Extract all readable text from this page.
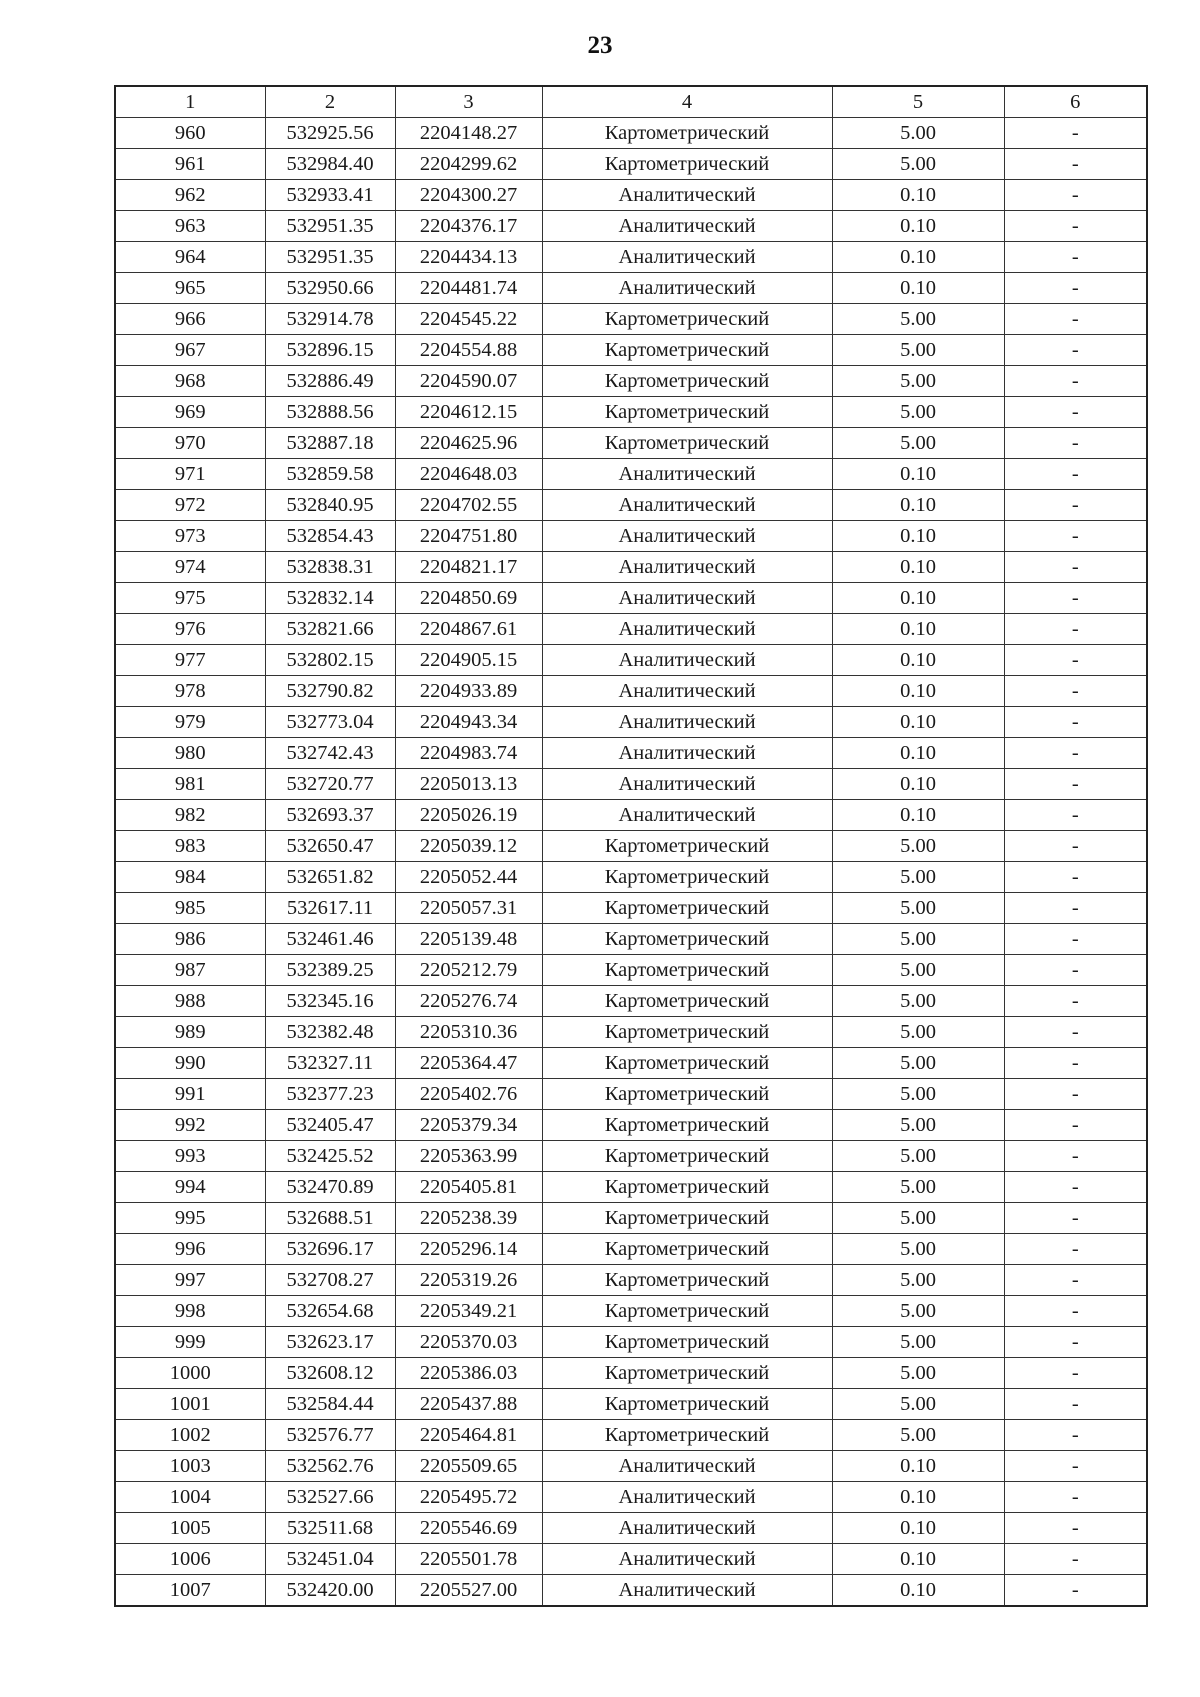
23
1	2	3	4	5	6
960	532925.56	2204148.27	Картометрический	5.00	-
961	532984.40	2204299.62	Картометрический	5.00	-
962	532933.41	2204300.27	Аналитический	0.10	-
963	532951.35	2204376.17	Аналитический	0.10	-
964	532951.35	2204434.13	Аналитический	0.10	-
965	532950.66	2204481.74	Аналитический	0.10	-
966	532914.78	2204545.22	Картометрический	5.00	-
967	532896.15	2204554.88	Картометрический	5.00	-
968	532886.49	2204590.07	Картометрический	5.00	-
969	532888.56	2204612.15	Картометрический	5.00	-
970	532887.18	2204625.96	Картометрический	5.00	-
971	532859.58	2204648.03	Аналитический	0.10	-
972	532840.95	2204702.55	Аналитический	0.10	-
973	532854.43	2204751.80	Аналитический	0.10	-
974	532838.31	2204821.17	Аналитический	0.10	-
975	532832.14	2204850.69	Аналитический	0.10	-
976	532821.66	2204867.61	Аналитический	0.10	-
977	532802.15	2204905.15	Аналитический	0.10	-
978	532790.82	2204933.89	Аналитический	0.10	-
979	532773.04	2204943.34	Аналитический	0.10	-
980	532742.43	2204983.74	Аналитический	0.10	-
981	532720.77	2205013.13	Аналитический	0.10	-
982	532693.37	2205026.19	Аналитический	0.10	-
983	532650.47	2205039.12	Картометрический	5.00	-
984	532651.82	2205052.44	Картометрический	5.00	-
985	532617.11	2205057.31	Картометрический	5.00	-
986	532461.46	2205139.48	Картометрический	5.00	-
987	532389.25	2205212.79	Картометрический	5.00	-
988	532345.16	2205276.74	Картометрический	5.00	-
989	532382.48	2205310.36	Картометрический	5.00	-
990	532327.11	2205364.47	Картометрический	5.00	-
991	532377.23	2205402.76	Картометрический	5.00	-
992	532405.47	2205379.34	Картометрический	5.00	-
993	532425.52	2205363.99	Картометрический	5.00	-
994	532470.89	2205405.81	Картометрический	5.00	-
995	532688.51	2205238.39	Картометрический	5.00	-
996	532696.17	2205296.14	Картометрический	5.00	-
997	532708.27	2205319.26	Картометрический	5.00	-
998	532654.68	2205349.21	Картометрический	5.00	-
999	532623.17	2205370.03	Картометрический	5.00	-
1000	532608.12	2205386.03	Картометрический	5.00	-
1001	532584.44	2205437.88	Картометрический	5.00	-
1002	532576.77	2205464.81	Картометрический	5.00	-
1003	532562.76	2205509.65	Аналитический	0.10	-
1004	532527.66	2205495.72	Аналитический	0.10	-
1005	532511.68	2205546.69	Аналитический	0.10	-
1006	532451.04	2205501.78	Аналитический	0.10	-
1007	532420.00	2205527.00	Аналитический	0.10	-
